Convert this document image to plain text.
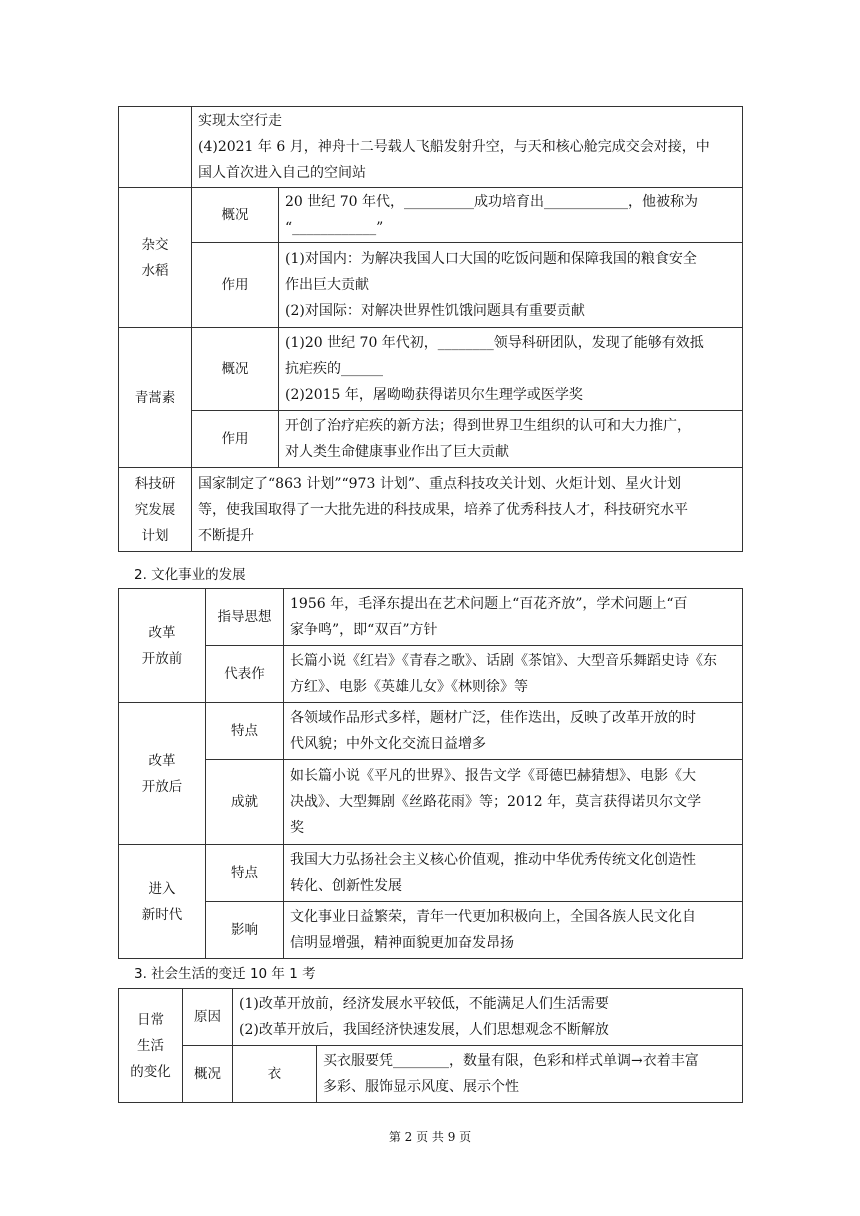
	实现太空行走
(4)2021 年 6 月，神舟十二号载人飞船发射升空，与天和核心舱完成交会对接，中
国人首次进入自己的空间站	

杂交
水稻	概况	20 世纪 70 年代，__________成功培育出____________，他被称为
“____________”

	作用	(1)对国内：为解决我国人口大国的吃饭问题和保障我国的粮食安全
作出巨大贡献
(2)对国际：对解决世界性饥饿问题具有重要贡献

青蒿素	概况	(1)20 世纪 70 年代初，________领导科研团队，发现了能够有效抵
抗疟疾的______
(2)2015 年，屠呦呦获得诺贝尔生理学或医学奖

	作用	开创了治疗疟疾的新方法；得到世界卫生组织的认可和大力推广，
对人类生命健康事业作出了巨大贡献

科技研
究发展
计划	国家制定了“863 计划”“973 计划”、重点科技攻关计划、火炬计划、星火计划
等，使我国取得了一大批先进的科技成果，培养了优秀科技人才，科技研究水平
不断提升	
2. 文化事业的发展
改革
开放前	指导思想	1956 年，毛泽东提出在艺术问题上“百花齐放”，学术问题上“百
家争鸣”，即“双百”方针

	代表作	长篇小说《红岩》《青春之歌》、话剧《茶馆》、大型音乐舞蹈史诗《东
方红》、电影《英雄儿女》《林则徐》等

改革
开放后	特点	各领域作品形式多样，题材广泛，佳作迭出，反映了改革开放的时
代风貌；中外文化交流日益增多

	成就	如长篇小说《平凡的世界》、报告文学《哥德巴赫猜想》、电影《大
决战》、大型舞剧《丝路花雨》等；2012 年，莫言获得诺贝尔文学
奖

进入
新时代	特点	我国大力弘扬社会主义核心价值观，推动中华优秀传统文化创造性
转化、创新性发展

	影响	文化事业日益繁荣，青年一代更加积极向上，全国各族人民文化自
信明显增强，精神面貌更加奋发昂扬
3. 社会生活的变迁 10 年 1 考
日常
生活
的变化	原因	(1)改革开放前，经济发展水平较低，不能满足人们生活需要
(2)改革开放后，我国经济快速发展，人们思想观念不断解放	

	概况	衣	买衣服要凭________，数量有限，色彩和样式单调→衣着丰富
多彩、服饰显示风度、展示个性
第 2 页 共 9 页
